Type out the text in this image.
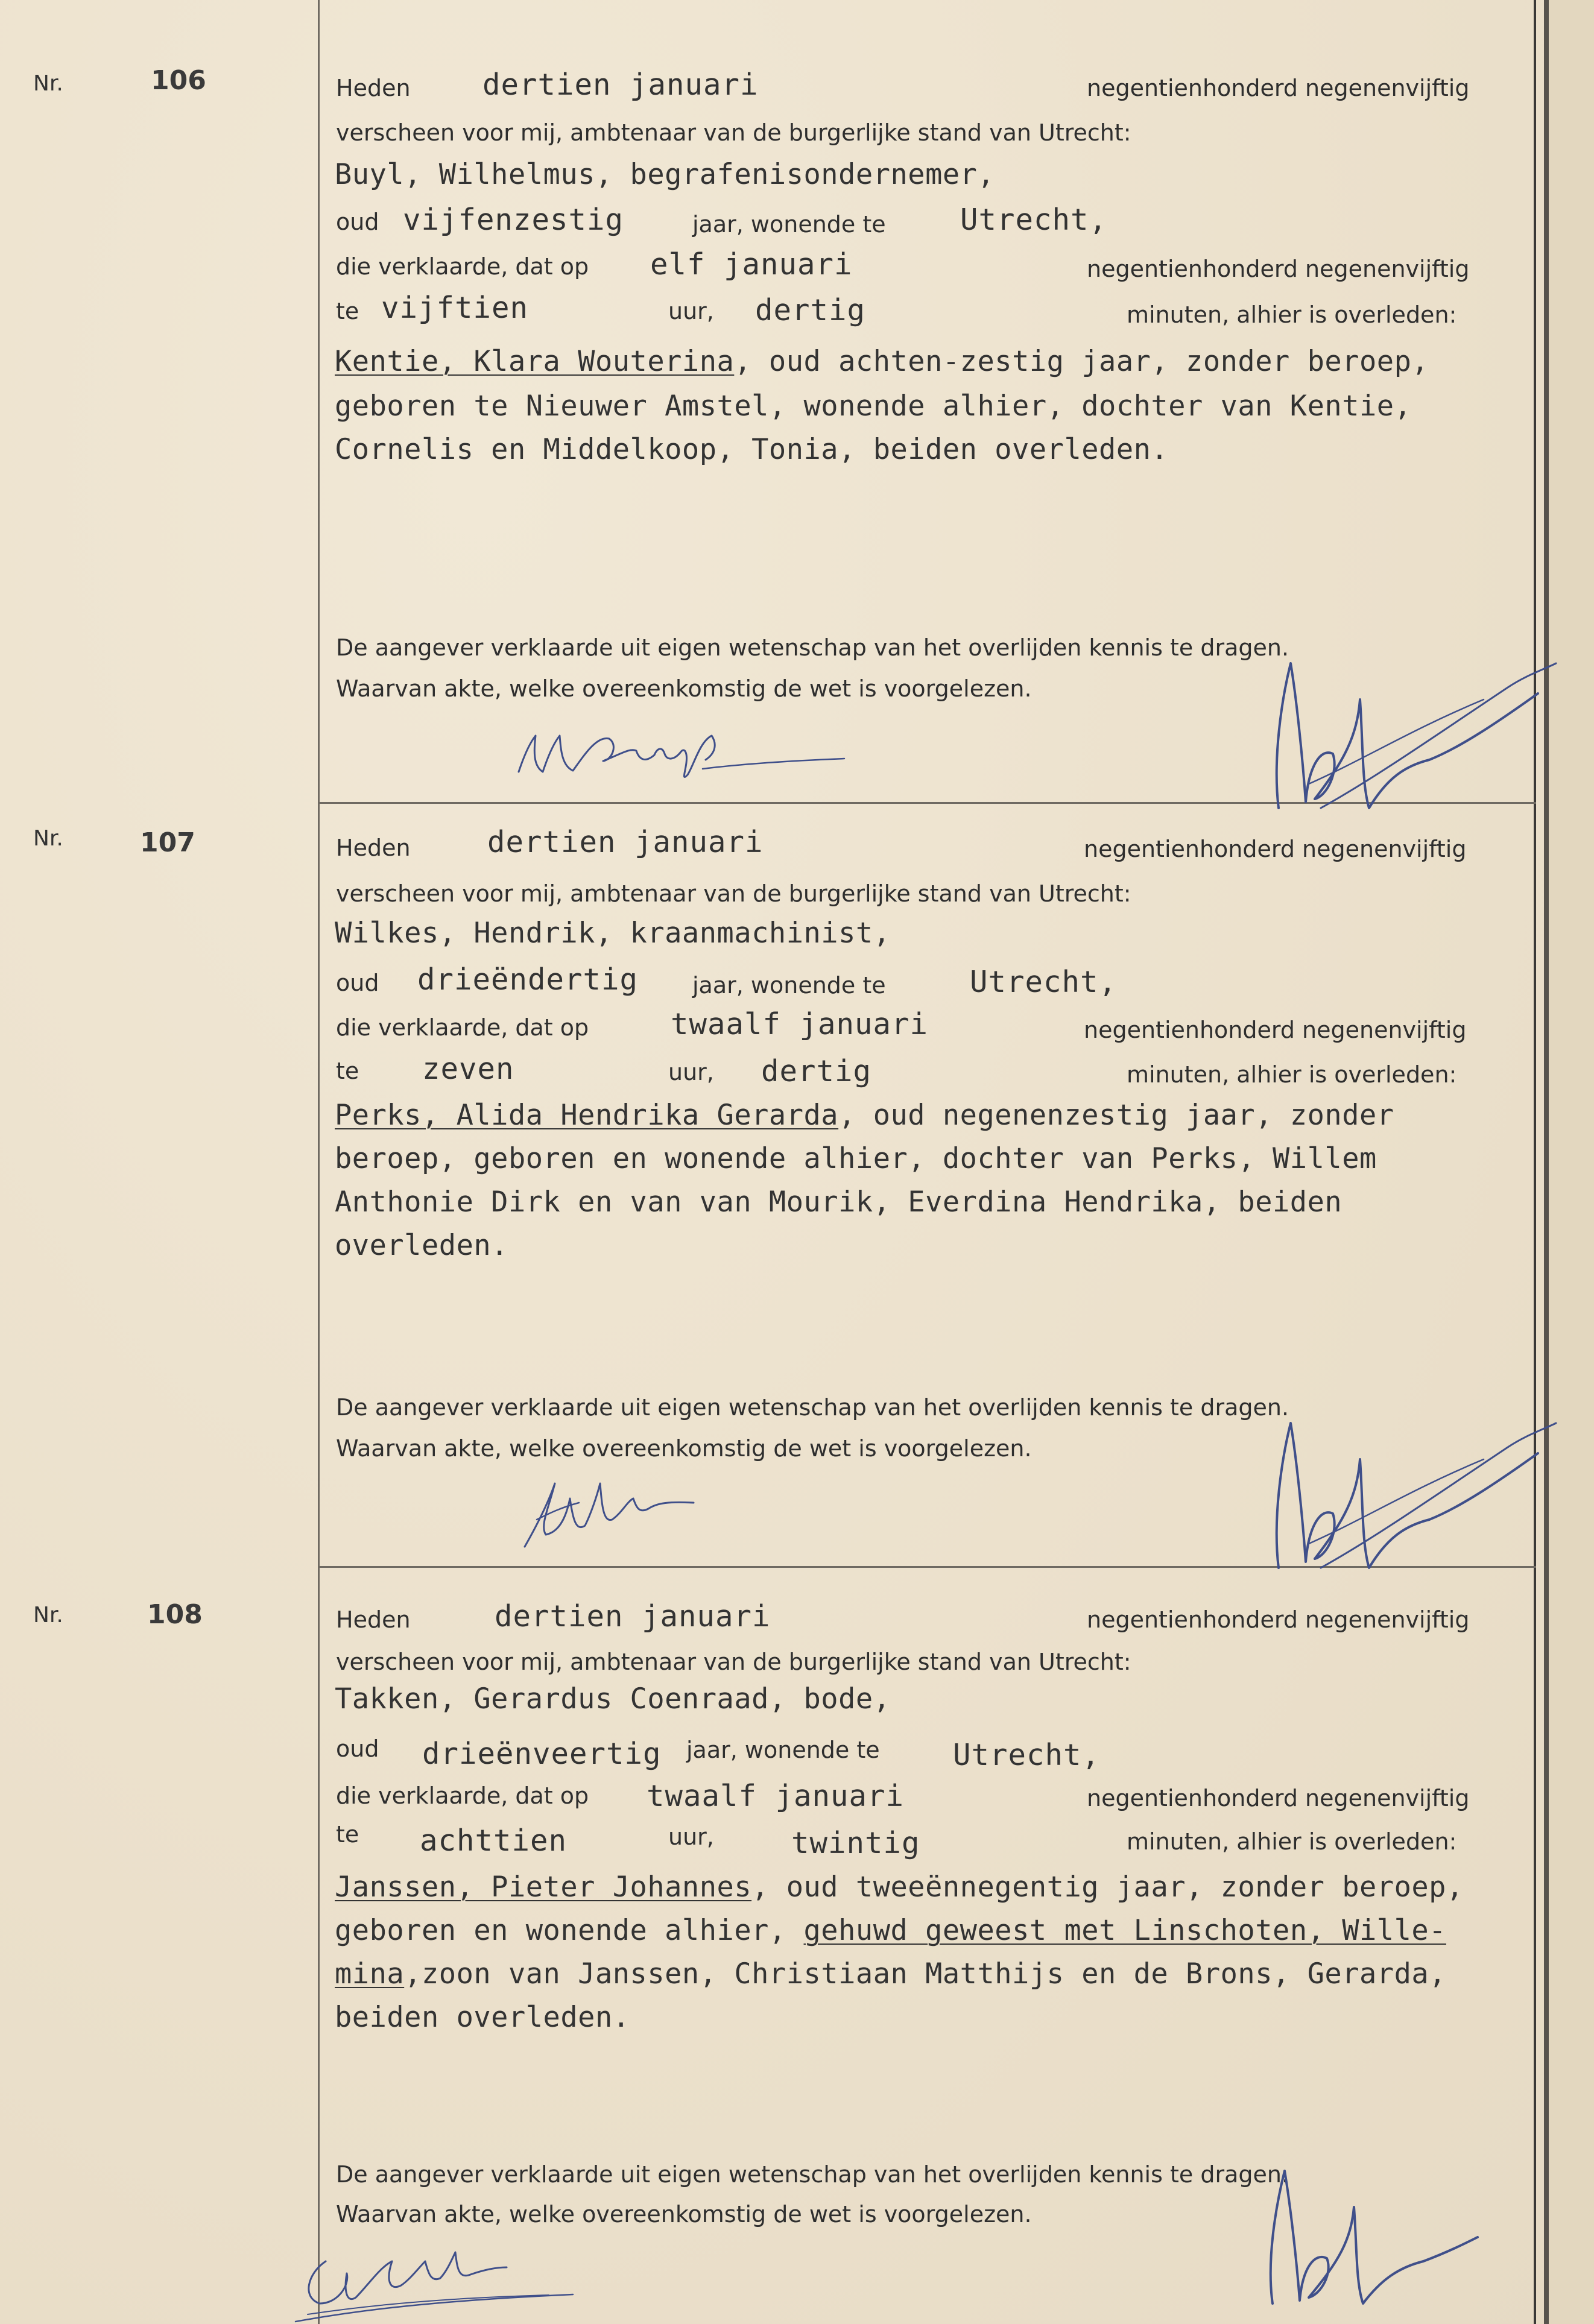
Nr.	106	Heden dertien januari	negentienhonderd negenenvijftig
verscheen voor mij, ambtenaar van de burgerlijke stand van Utrecht:
Buyl, Wilhelmus, begrafenisondernemer,
oud vijfenzestig	jaar, wonende te	Utrecht,
die verklaarde, dat op elf januari	negentienhonderd negenenvijftig
te vijftien	uur, dertig	minuten, alhier is overleden:
Kentie, Klara Wouterina, oud achten-zestig jaar, zonder beroep,
geboren te Nieuwer Amstel, wonende alhier, dochter van Kentie,
Cornelis en Middelkoop, Tonia, beiden overleden.
De aangever verklaarde uit eigen wetenschap van het overlijden kennis te dragen.
Waarvan akte, welke overeenkomstig de wet is voorgelezen.
Nr.	107	Heden	dertien januari	negentienhonderd negenenvijftig
verscheen voor mij, ambtenaar van de burgerlijke stand van Utrecht:
Wilkes, Hendrik, kraanmachinist,
oud drieëndertig jaar, wonende te	Utrecht,
die verklaarde, dat op	twaalf januari	negentienhonderd negenenvijftig
te zeven	uur, dertig	minuten, alhier is overleden:
Perks, Alida Hendrika Gerarda, oud negenenzestig jaar, zonder
beroep, geboren en wonende alhier, dochter van Perks, Willem
Anthonie Dirk en van van Mourik, Everdina Hendrika, beiden
overleden.
De aangever verklaarde uit eigen wetenschap van het overlijden kennis te dragen.
Waarvan akte, welke overeenkomstig de wet is voorgelezen.
Nr.	108	Heden	dertien januari	negentienhonderd negenenvijftig
verscheen voor mij, ambtenaar van de burgerlijke stand van Utrecht:
Takken, Gerardus Coenraad, bode,
oud drieënveertig jaar, wonende te Utrecht,
die verklaarde, dat op twaalf januari	negentienhonderd negenenvijftig
te achttien	uur,	twintig	minuten, alhier is overleden:
Janssen, Pieter Johannes, oud tweeënnegentig jaar, zonder beroep,
geboren en wonende alhier, gehuwd geweest met Linschoten, Wille-
mina,zoon van Janssen, Christiaan Matthijs en de Brons, Gerarda,
beiden overleden.
De aangever verklaarde uit eigen wetenschap van het overlijden kennis te dragen.
Waarvan akte, welke overeenkomstig de wet is voorgelezen.
